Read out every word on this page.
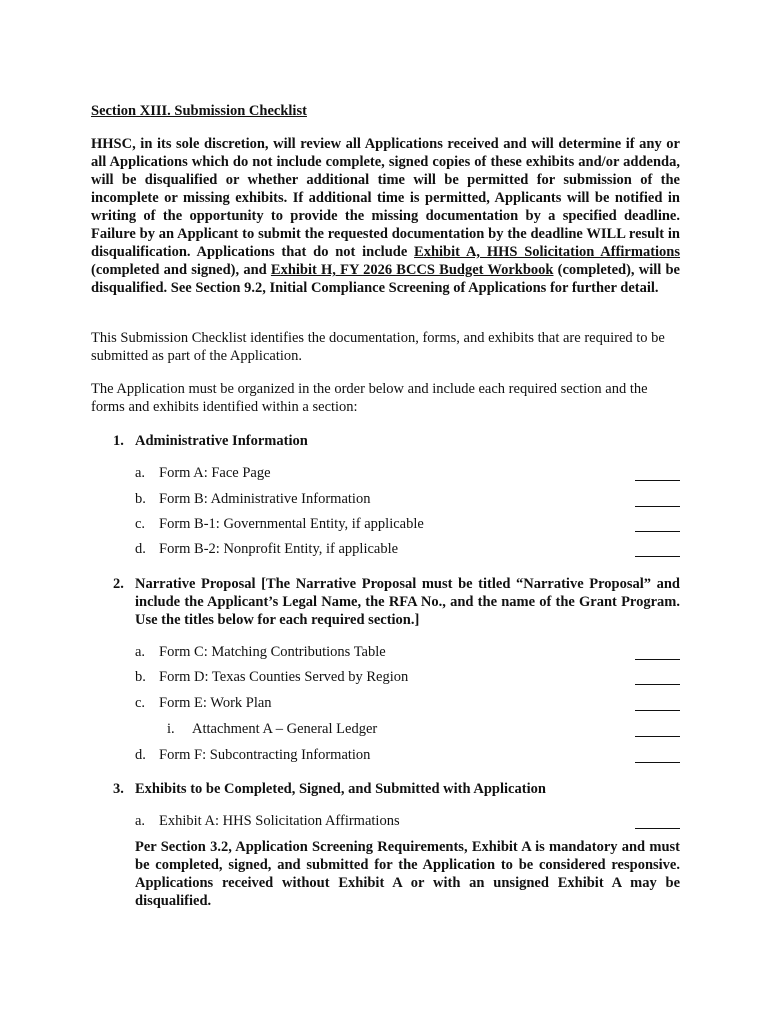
Section XIII. Submission Checklist
HHSC, in its sole discretion, will review all Applications received and will determine if any or all Applications which do not include complete, signed copies of these exhibits and/or addenda, will be disqualified or whether additional time will be permitted for submission of the incomplete or missing exhibits. If additional time is permitted, Applicants will be notified in writing of the opportunity to provide the missing documentation by a specified deadline. Failure by an Applicant to submit the requested documentation by the deadline WILL result in disqualification. Applications that do not include Exhibit A, HHS Solicitation Affirmations (completed and signed), and Exhibit H, FY 2026 BCCS Budget Workbook (completed), will be disqualified. See Section 9.2, Initial Compliance Screening of Applications for further detail.
This Submission Checklist identifies the documentation, forms, and exhibits that are required to be submitted as part of the Application.
The Application must be organized in the order below and include each required section and the forms and exhibits identified within a section:
1. Administrative Information
a. Form A: Face Page
b. Form B: Administrative Information
c. Form B-1: Governmental Entity, if applicable
d. Form B-2: Nonprofit Entity, if applicable
2. Narrative Proposal [The Narrative Proposal must be titled “Narrative Proposal” and include the Applicant’s Legal Name, the RFA No., and the name of the Grant Program. Use the titles below for each required section.]
a. Form C: Matching Contributions Table
b. Form D: Texas Counties Served by Region
c. Form E: Work Plan
i. Attachment A – General Ledger
d. Form F: Subcontracting Information
3. Exhibits to be Completed, Signed, and Submitted with Application
a. Exhibit A: HHS Solicitation Affirmations
Per Section 3.2, Application Screening Requirements, Exhibit A is mandatory and must be completed, signed, and submitted for the Application to be considered responsive. Applications received without Exhibit A or with an unsigned Exhibit A may be disqualified.
